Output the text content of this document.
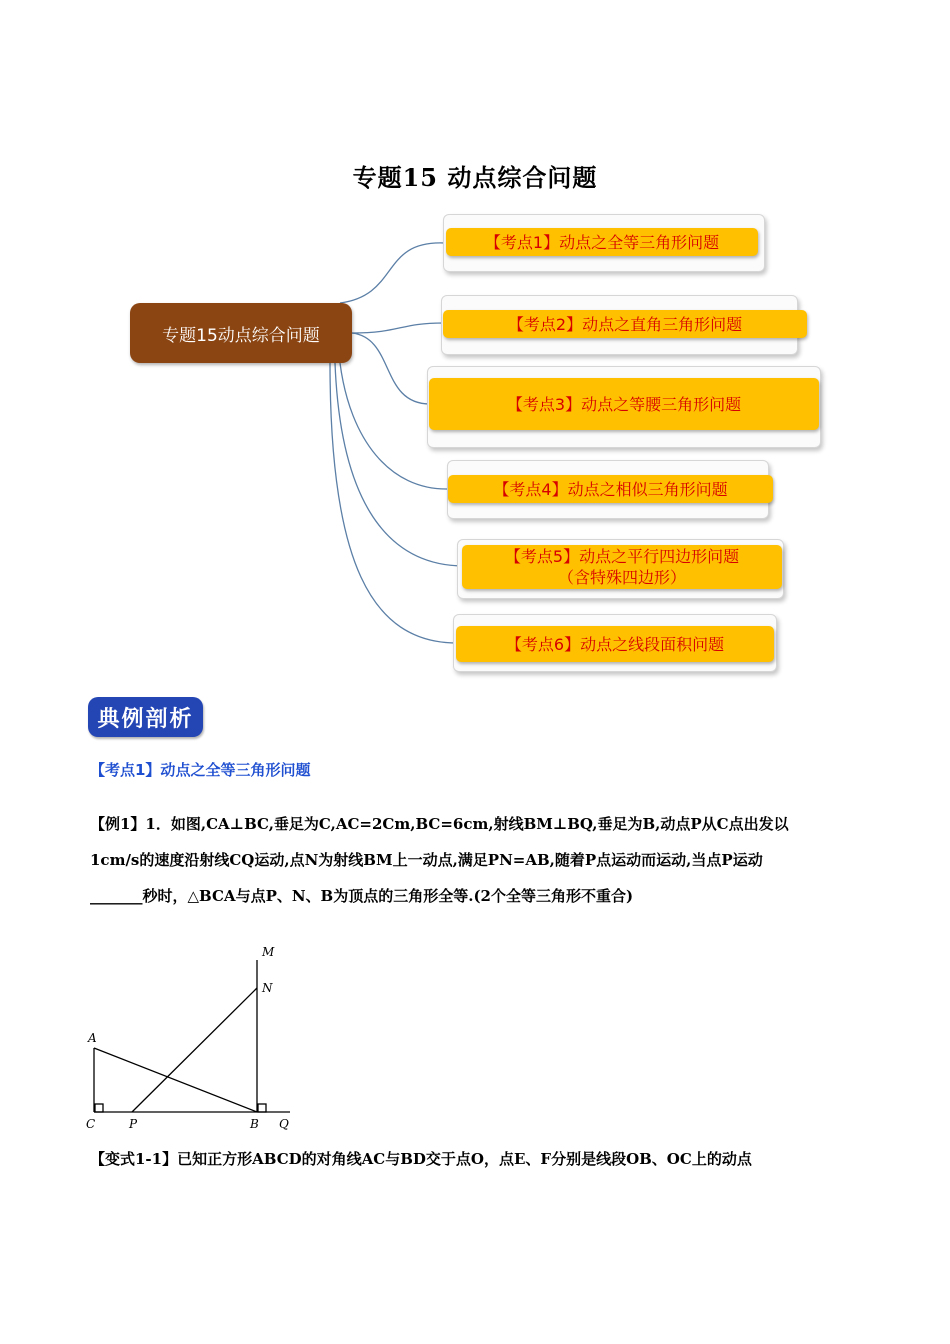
专题15 动点综合问题
专题15动点综合问题
【考点1】动点之全等三角形问题
【考点2】动点之直角三角形问题
【考点3】动点之等腰三角形问题
【考点4】动点之相似三角形问题
【考点5】动点之平行四边形问题
（含特殊四边形）
【考点6】动点之线段面积问题
典例剖析
【考点1】动点之全等三角形问题
【例1】1．如图,CA⊥BC,垂足为C,AC=2Cm,BC=6cm,射线BM⊥BQ,垂足为B,动点P从C点出发以
1cm/s的速度沿射线CQ运动,点N为射线BM上一动点,满足PN=AB,随着P点运动而运动,当点P运动
_______秒时，△BCA与点P、N、B为顶点的三角形全等.(2个全等三角形不重合)
A
C	P	B Q
N
M
【变式1-1】已知正方形ABCD的对角线AC与BD交于点O，点E、F分别是线段OB、OC上的动点
